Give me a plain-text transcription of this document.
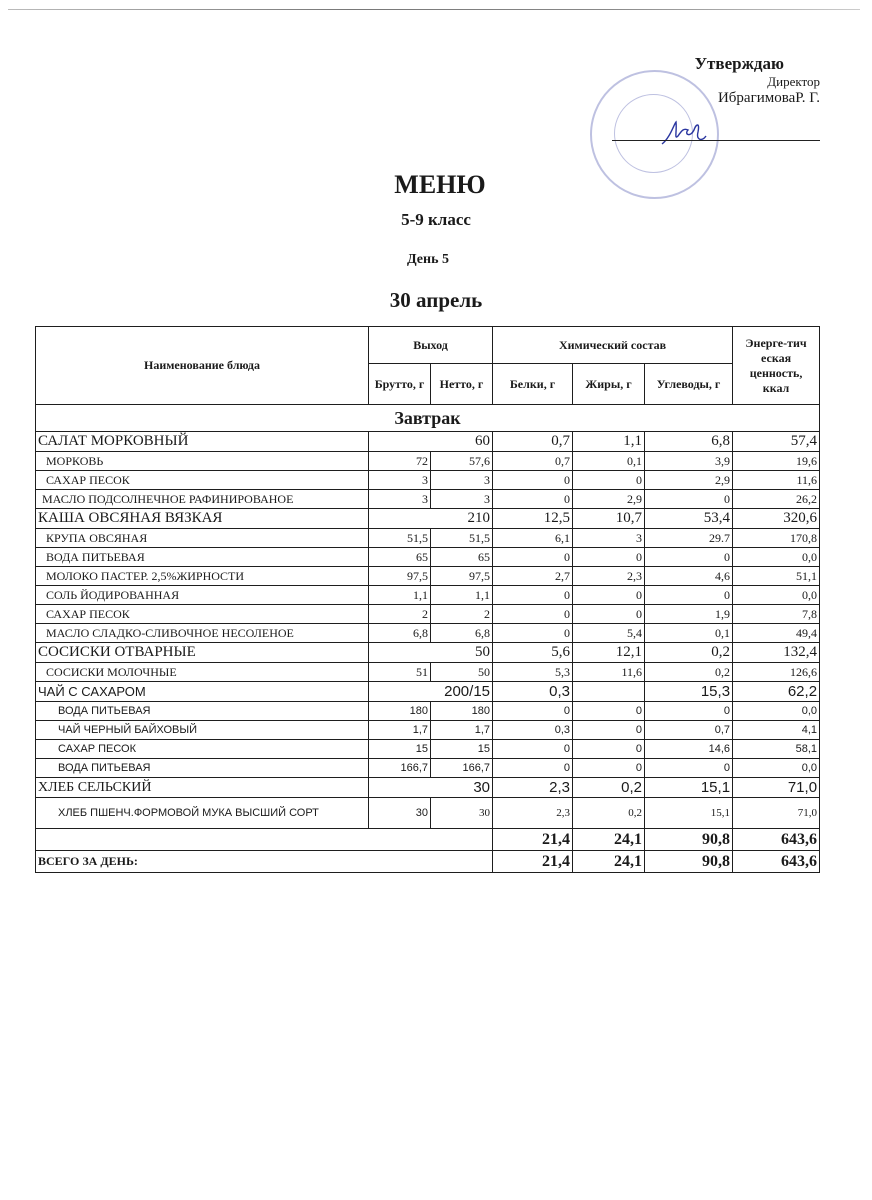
Утверждаю
Директор
ИбрагимоваР. Г.
МЕНЮ
5-9 класс
День 5
30 апрель
Наименование блюда	Выход		Химический состав			Энерге-тич еская ценность, ккал
	Брутто, г	Нетто, г	Белки, г	Жиры, г	Углеводы, г	
Завтрак						
САЛАТ МОРКОВНЫЙ	60		0,7	1,1	6,8	57,4
МОРКОВЬ	72	57,6	0,7	0,1	3,9	19,6
САХАР ПЕСОК	3	3	0	0	2,9	11,6
МАСЛО ПОДСОЛНЕЧНОЕ РАФИНИРОВАНОЕ	3	3	0	2,9	0	26,2
КАША ОВСЯНАЯ ВЯЗКАЯ	210		12,5	10,7	53,4	320,6
КРУПА ОВСЯНАЯ	51,5	51,5	6,1	3	29.7	170,8
ВОДА ПИТЬЕВАЯ	65	65	0	0	0	0,0
МОЛОКО ПАСТЕР. 2,5%ЖИРНОСТИ	97,5	97,5	2,7	2,3	4,6	51,1
СОЛЬ ЙОДИРОВАННАЯ	1,1	1,1	0	0	0	0,0
САХАР ПЕСОК	2	2	0	0	1,9	7,8
МАСЛО СЛАДКО-СЛИВОЧНОЕ НЕСОЛЕНОЕ	6,8	6,8	0	5,4	0,1	49,4
СОСИСКИ ОТВАРНЫЕ	50		5,6	12,1	0,2	132,4
СОСИСКИ МОЛОЧНЫЕ	51	50	5,3	11,6	0,2	126,6
ЧАЙ С САХАРОМ	200/15		0,3		15,3	62,2
ВОДА ПИТЬЕВАЯ	180	180	0	0	0	0,0
ЧАЙ ЧЕРНЫЙ БАЙХОВЫЙ	1,7	1,7	0,3	0	0,7	4,1
САХАР ПЕСОК	15	15	0	0	14,6	58,1
ВОДА ПИТЬЕВАЯ	166,7	166,7	0	0	0	0,0
ХЛЕБ СЕЛЬСКИЙ	30		2,3	0,2	15,1	71,0
ХЛЕБ ПШЕНЧ.ФОРМОВОЙ МУКА ВЫСШИЙ СОРТ	30	30	2,3	0,2	15,1	71,0
			21,4	24,1	90,8	643,6
ВСЕГО ЗА ДЕНЬ:			21,4	24,1	90,8	643,6
